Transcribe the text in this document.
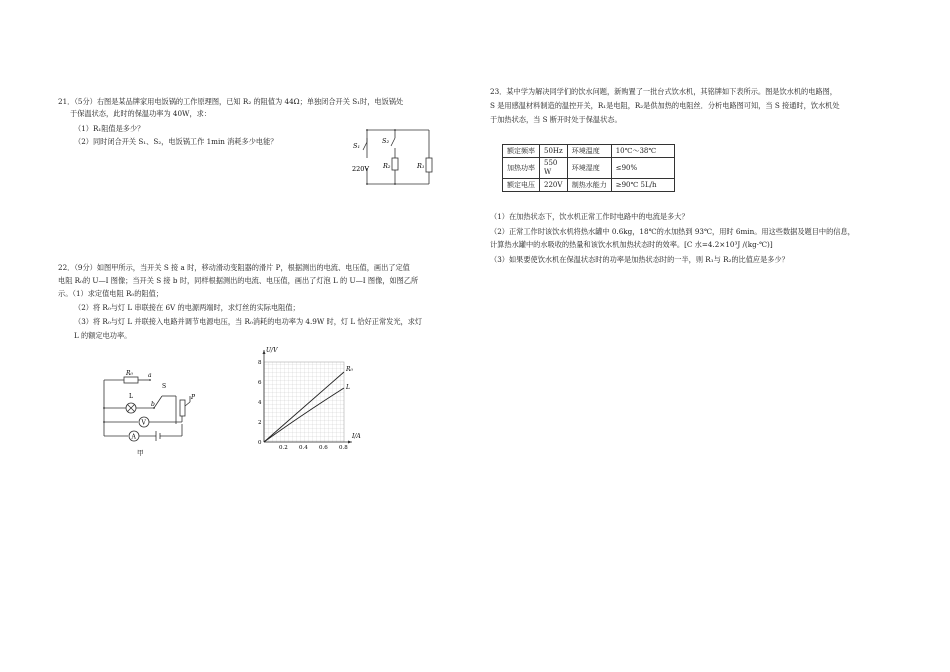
21．（5分）右图是某品牌家用电饭锅的工作原理图，已知 R₂ 的阻值为 44Ω；单独闭合开关 S₁时，电饭锅处
于保温状态，此时的保温功率为 40W，求：
（1）R₁阻值是多少？
（2）同时闭合开关 S₁、S₂，电饭锅工作 1min 消耗多少电能？	S₁
S₂
R₂	R₁
220V
22．（9分）如图甲所示，当开关 S 接 a 时，移动滑动变阻器的滑片 P，根据测出的电流、电压值，画出了定值
电阻 R₀的 U—I 图像；当开关 S 接 b 时，同样根据测出的电流、电压值，画出了灯泡 L 的 U—I 图像，如图乙所
示。（1）求定值电阻 R₀的阻值；
（2）将 R₀与灯 L 串联接在 6V 的电源两端时，求灯丝的实际电阻值；
（3）将 R₀与灯 L 并联接入电路并调节电源电压，当 R₀消耗的电功率为 4.9W 时，灯 L 恰好正常发光，求灯
L 的额定电功率。
R₀	a
b
S
L	P
V
A
甲
U/V
I/A
0
2
4
6
8
0.2 0.4 0.6 0.8
R₀
L
23．某中学为解决同学们的饮水问题，新购置了一批台式饮水机，其铭牌如下表所示。图是饮水机的电路图，
S 是用感温材料制造的温控开关，R₁是电阻，R₂是供加热的电阻丝．分析电路图可知，当 S 接通时，饮水机处
于加热状态，当 S 断开时处于保温状态。
额定频率	50Hz	环境温度	10℃～38℃
加热功率	550 W	环境湿度	≤90%
额定电压	220V	制热水能力	≥90℃ 5L/h
（1）在加热状态下，饮水机正常工作时电路中的电流是多大？
（2）正常工作时该饮水机将热水罐中 0.6kg，18℃的水加热到 93℃，用时 6min。用这些数据及题目中的信息，
计算热水罐中的水吸收的热量和该饮水机加热状态时的效率。[C 水=4.2×10³J /(kg·℃)]
（3）如果要使饮水机在保温状态时的功率是加热状态时的一半，则 R₁与 R₂的比值应是多少？
